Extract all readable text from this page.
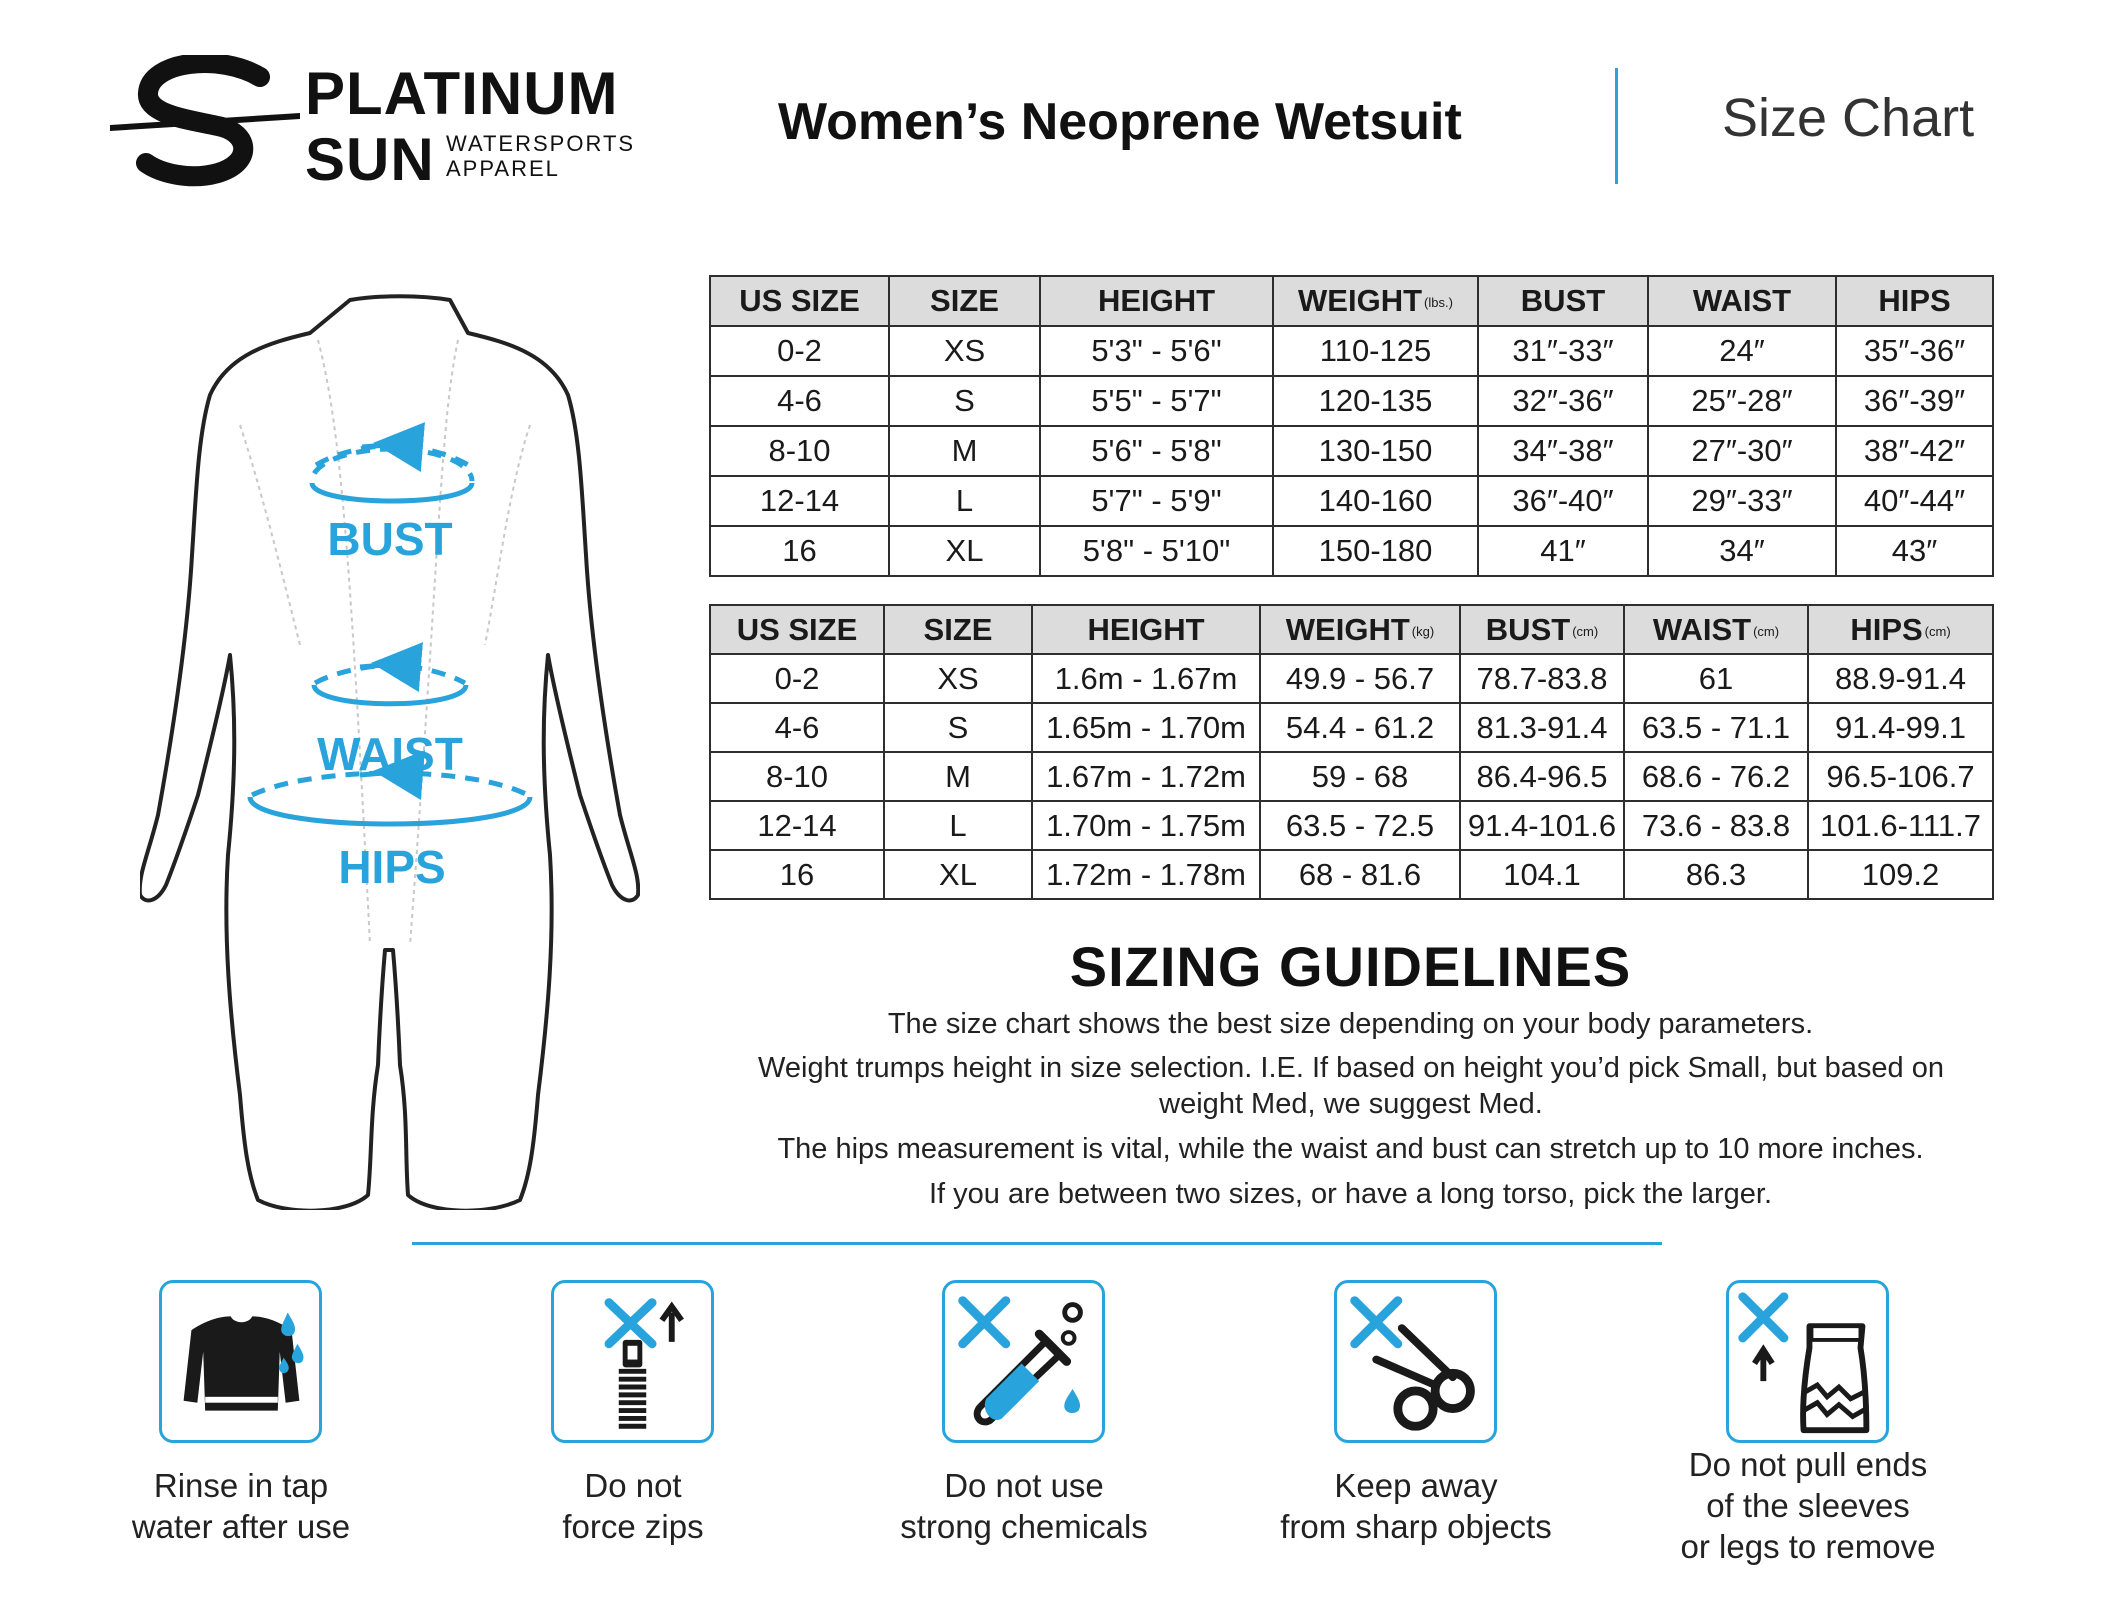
PLATINUM
SUN WATERSPORTS
APPAREL
Women’s Neoprene Wetsuit	Size Chart
BUST
WAIST
HIPS
US SIZE	SIZE	HEIGHT	WEIGHT (lbs.)	BUST	WAIST	HIPS
0-2	XS	5'3" - 5'6"	110-125	31″-33″	24″	35″-36″
4-6	S	5'5" - 5'7"	120-135	32″-36″	25″-28″	36″-39″
8-10	M	5'6" - 5'8"	130-150	34″-38″	27″-30″	38″-42″
12-14	L	5'7" - 5'9"	140-160	36″-40″	29″-33″	40″-44″
16	XL	5'8" - 5'10"	150-180	41″	34″	43″
US SIZE	SIZE	HEIGHT	WEIGHT (kg)	BUST (cm)	WAIST (cm)	HIPS (cm)
0-2	XS	1.6m - 1.67m	49.9 - 56.7	78.7-83.8	61	88.9-91.4
4-6	S	1.65m - 1.70m	54.4 - 61.2	81.3-91.4	63.5 - 71.1	91.4-99.1
8-10	M	1.67m - 1.72m	59 - 68	86.4-96.5	68.6 - 76.2	96.5-106.7
12-14	L	1.70m - 1.75m	63.5 - 72.5	91.4-101.6	73.6 - 83.8	101.6-111.7
16	XL	1.72m - 1.78m	68 - 81.6	104.1	86.3	109.2
SIZING GUIDELINES
The size chart shows the best size depending on your body parameters.
Weight trumps height in size selection. I.E. If based on height you’d pick Small, but based on weight Med, we suggest Med.
The hips measurement is vital, while the waist and bust can stretch up to 10 more inches.
If you are between two sizes, or have a long torso, pick the larger.
Rinse in tap
water after use
Do not
force zips
Do not use
strong chemicals
Keep away
from sharp objects
Do not pull ends
of the sleeves
or legs to remove
